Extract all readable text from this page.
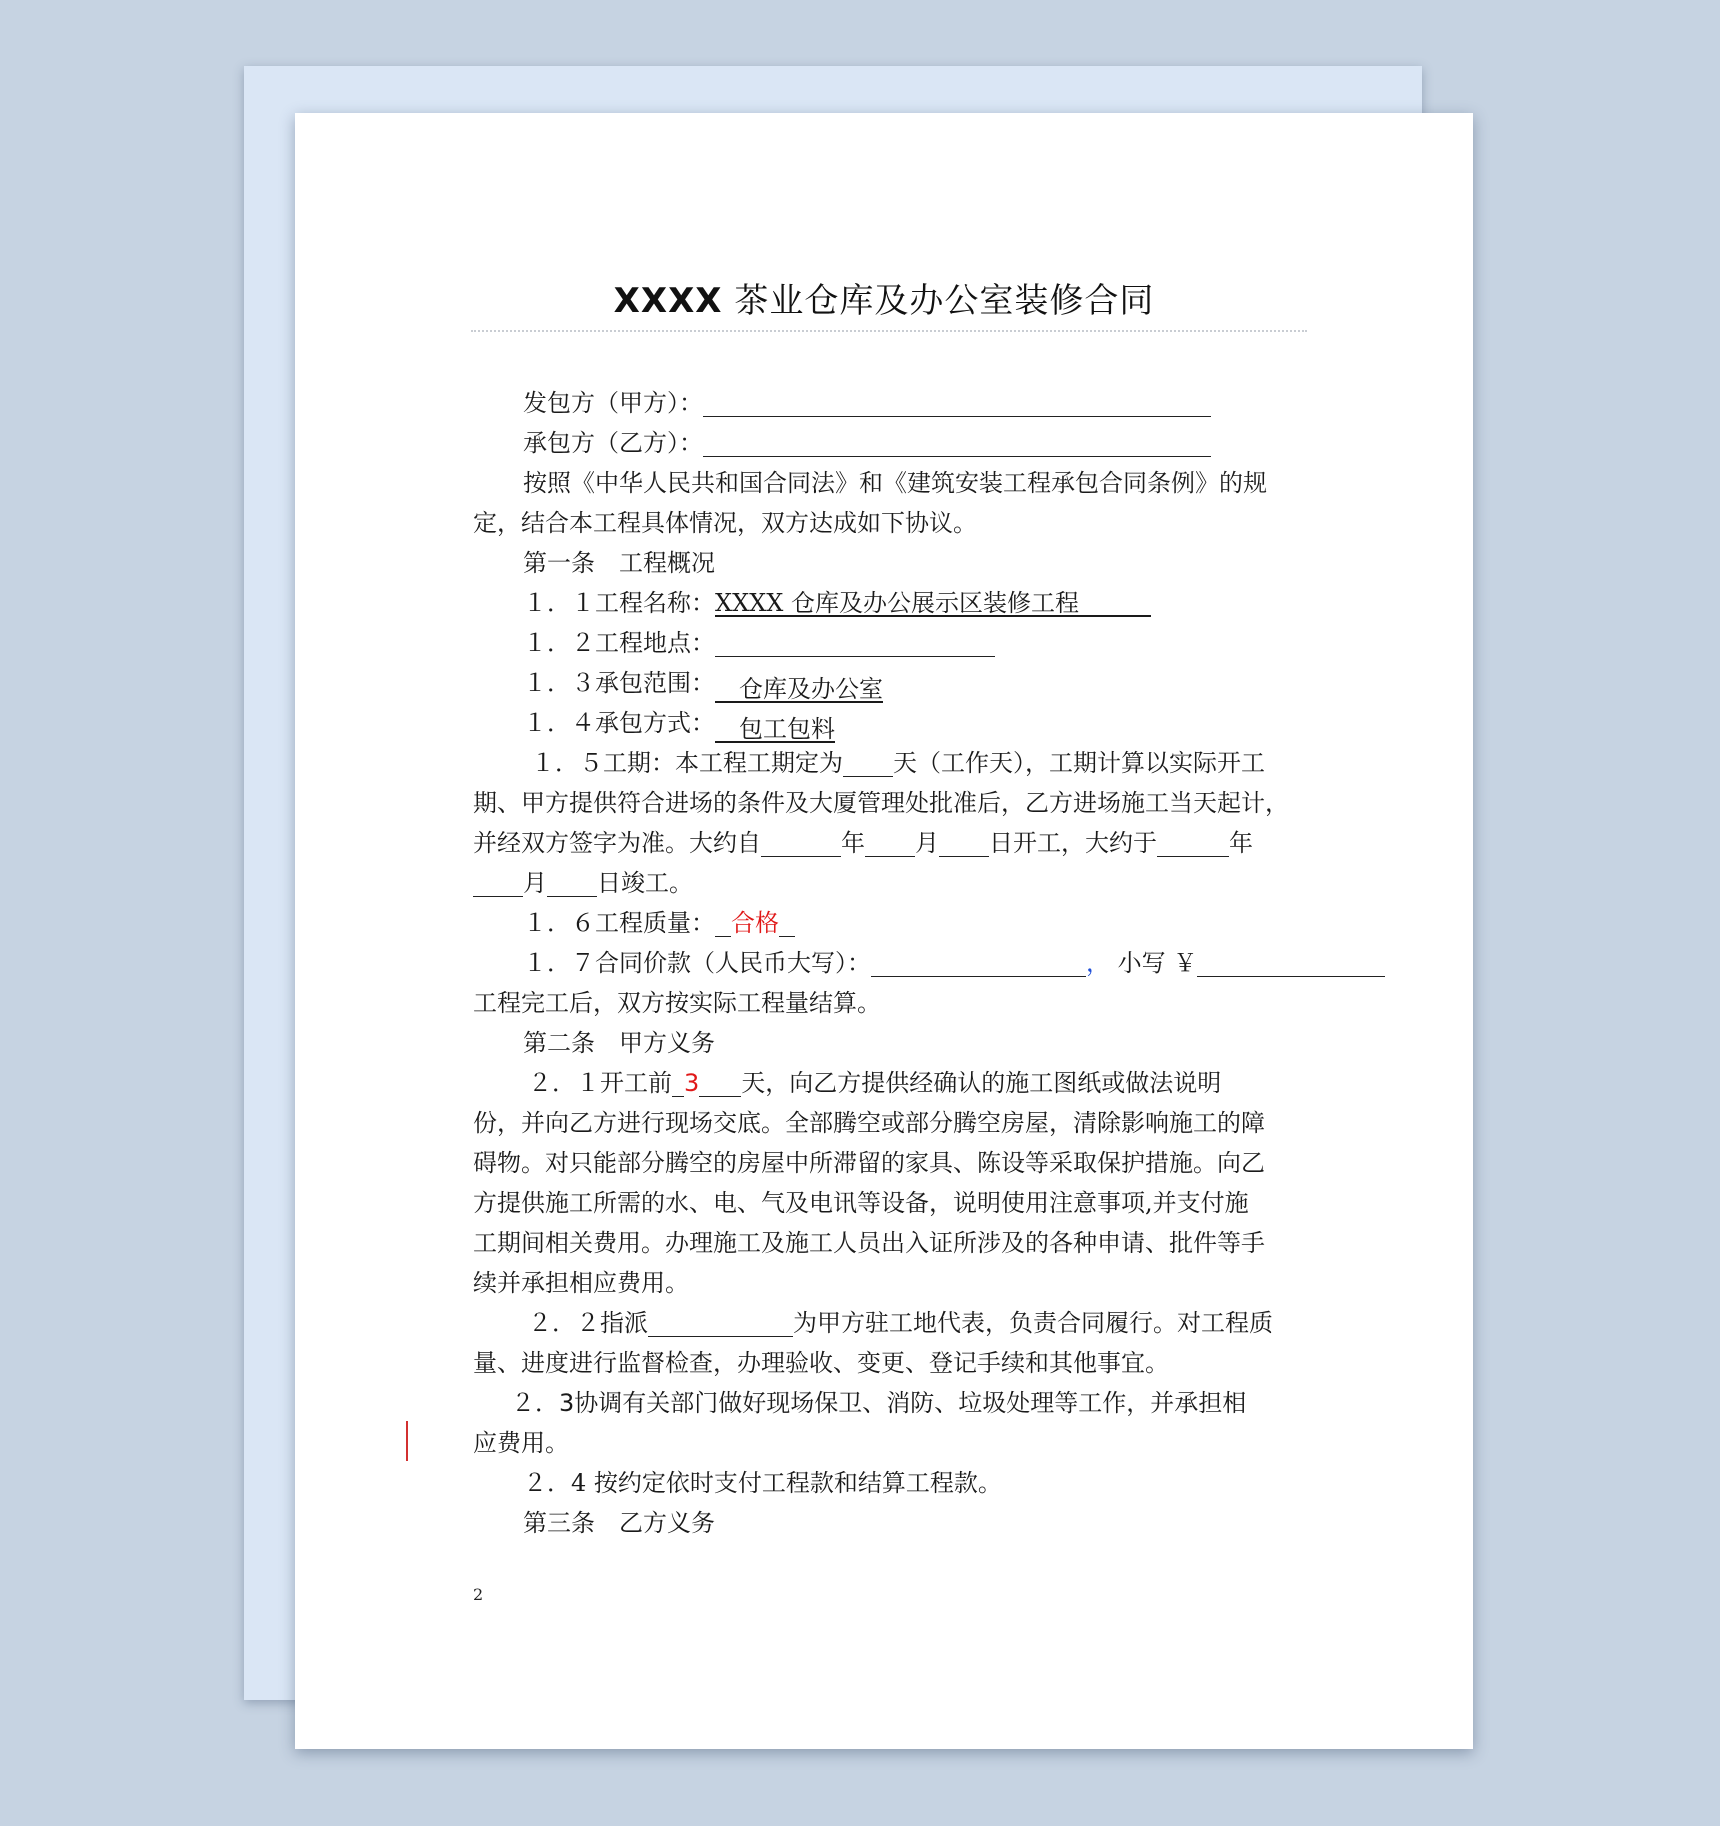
XXXX 茶业仓库及办公室装修合同
发包方（甲方）：
承包方（乙方）：
按照《中华人民共和国合同法》和《建筑安装工程承包合同条例》的规
定，结合本工程具体情况，双方达成如下协议。
第一条　工程概况
１．１工程名称：XXXX 仓库及办公展示区装修工程　　　
１．２工程地点：
１．３承包范围：　仓库及办公室
１．４承包方式：　包工包料
１．５工期：本工程工期定为 天（工作天），工期计算以实际开工
期、甲方提供符合进场的条件及大厦管理处批准后，乙方进场施工当天起计，
并经双方签字为准。大约自	年 月 日开工，大约于	年
月 日竣工。
１．６工程质量： 合格
１．７合同价款（人民币大写）：	， 小写 ￥
工程完工后，双方按实际工程量结算。
第二条　甲方义务
２．１开工前 3 天，向乙方提供经确认的施工图纸或做法说明
份，并向乙方进行现场交底。全部腾空或部分腾空房屋，清除影响施工的障
碍物。对只能部分腾空的房屋中所滞留的家具、陈设等采取保护措施。向乙
方提供施工所需的水、电、气及电讯等设备，说明使用注意事项,并支付施
工期间相关费用。办理施工及施工人员出入证所涉及的各种申请、批件等手
续并承担相应费用。
２．２指派	为甲方驻工地代表，负责合同履行。对工程质
量、进度进行监督检查，办理验收、变更、登记手续和其他事宜。
２．3协调有关部门做好现场保卫、消防、垃圾处理等工作，并承担相
应费用。
２．4 按约定依时支付工程款和结算工程款。
第三条　乙方义务
2
